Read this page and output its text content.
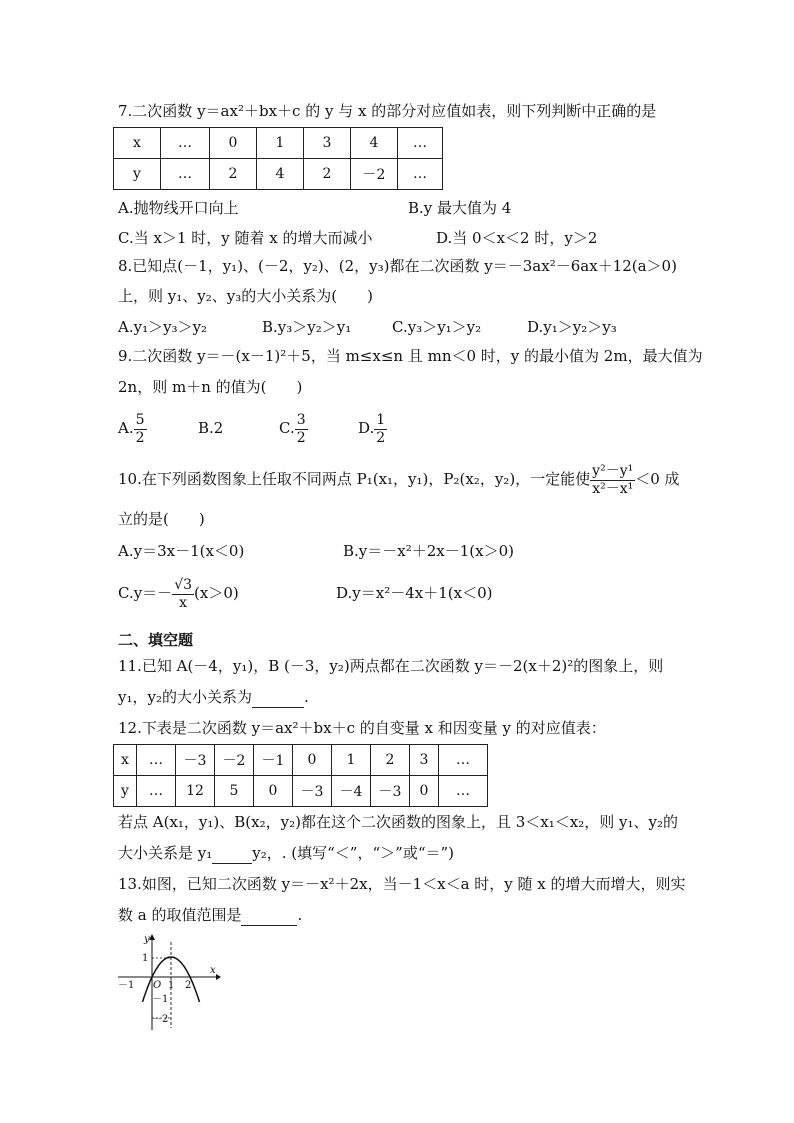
7.二次函数 y＝ax²＋bx＋c 的 y 与 x 的部分对应值如表，则下列判断中正确的是
x	…	0	1	3	4	…
y	…	2	4	2	－2	…
A.抛物线开口向上	B.y 最大值为 4
C.当 x＞1 时，y 随着 x 的增大而减小	D.当 0＜x＜2 时，y＞2
8.已知点(－1，y₁)、(－2，y₂)、(2，y₃)都在二次函数 y＝－3ax²－6ax＋12(a＞0)
上，则 y₁、y₂、y₃的大小关系为(　　)
A.y₁＞y₃＞y₂	B.y₃＞y₂＞y₁	C.y₃＞y₁＞y₂	D.y₁＞y₂＞y₃
9.二次函数 y＝－(x－1)²＋5，当 m≤x≤n 且 mn＜0 时，y 的最小值为 2m，最大值为
2n，则 m＋n 的值为(　　)
A. $\frac{5}{2}$	B.2	C. $\frac{3}{2}$	D. $\frac{1}{2}$
10.在下列函数图象上任取不同两点 P₁(x₁，y₁)，P₂(x₂，y₂)，一定能使 $\frac{\text{y²－y¹}}{\text{x²－x¹}} <0$ 成
立的是(　　)
A.y＝3x－1(x＜0)	B.y＝－x²＋2x－1(x＞0)
$C.y=- \frac{√3}{x} (x>0)$	D.y＝x²－4x＋1(x＜0)
二、填空题
11.已知 A(－4，y₁)，B (－3，y₂)两点都在二次函数 y＝－2(x＋2)²的图象上，则
y₁，y₂的大小关系为	.
12.下表是二次函数 y＝ax²＋bx＋c 的自变量 x 和因变量 y 的对应值表：
x	…	－3	－2	－1	0	1	2	3	…
y	…	12	5	0	－3	－4	－3	0	…
若点 A(x₁，y₁)、B(x₂，y₂)都在这个二次函数的图象上，且 3＜x₁＜x₂，则 y₁、y₂的
大小关系是 y₁	y₂，. (填写“＜”，“＞”或“＝”)
13.如图，已知二次函数 y＝－x²＋2x，当－1＜x＜a 时，y 随 x 的增大而增大，则实
数 a 的取值范围是	.
y
x
O
1
－1	1 2
－1
－2
